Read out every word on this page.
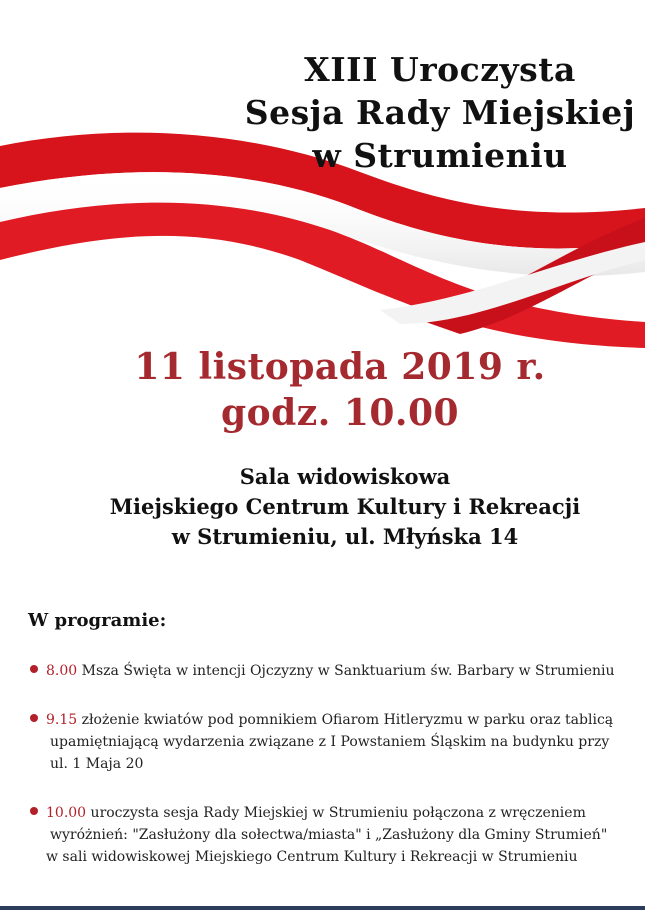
XIII Uroczysta
Sesja Rady Miejskiej
w Strumieniu
11 listopada 2019 r.
godz. 10.00
Sala widowiskowa
Miejskiego Centrum Kultury i Rekreacji
w Strumieniu, ul. Młyńska 14
W programie:
8.00 Msza Święta w intencji Ojczyzny w Sanktuarium św. Barbary w Strumieniu
9.15 złożenie kwiatów pod pomnikiem Ofiarom Hitleryzmu w parku oraz tablicą
upamiętniającą wydarzenia związane z I Powstaniem Śląskim na budynku przy
ul. 1 Maja 20
10.00 uroczysta sesja Rady Miejskiej w Strumieniu połączona z wręczeniem
wyróżnień: "Zasłużony dla sołectwa/miasta" i „Zasłużony dla Gminy Strumień"
w sali widowiskowej Miejskiego Centrum Kultury i Rekreacji w Strumieniu
